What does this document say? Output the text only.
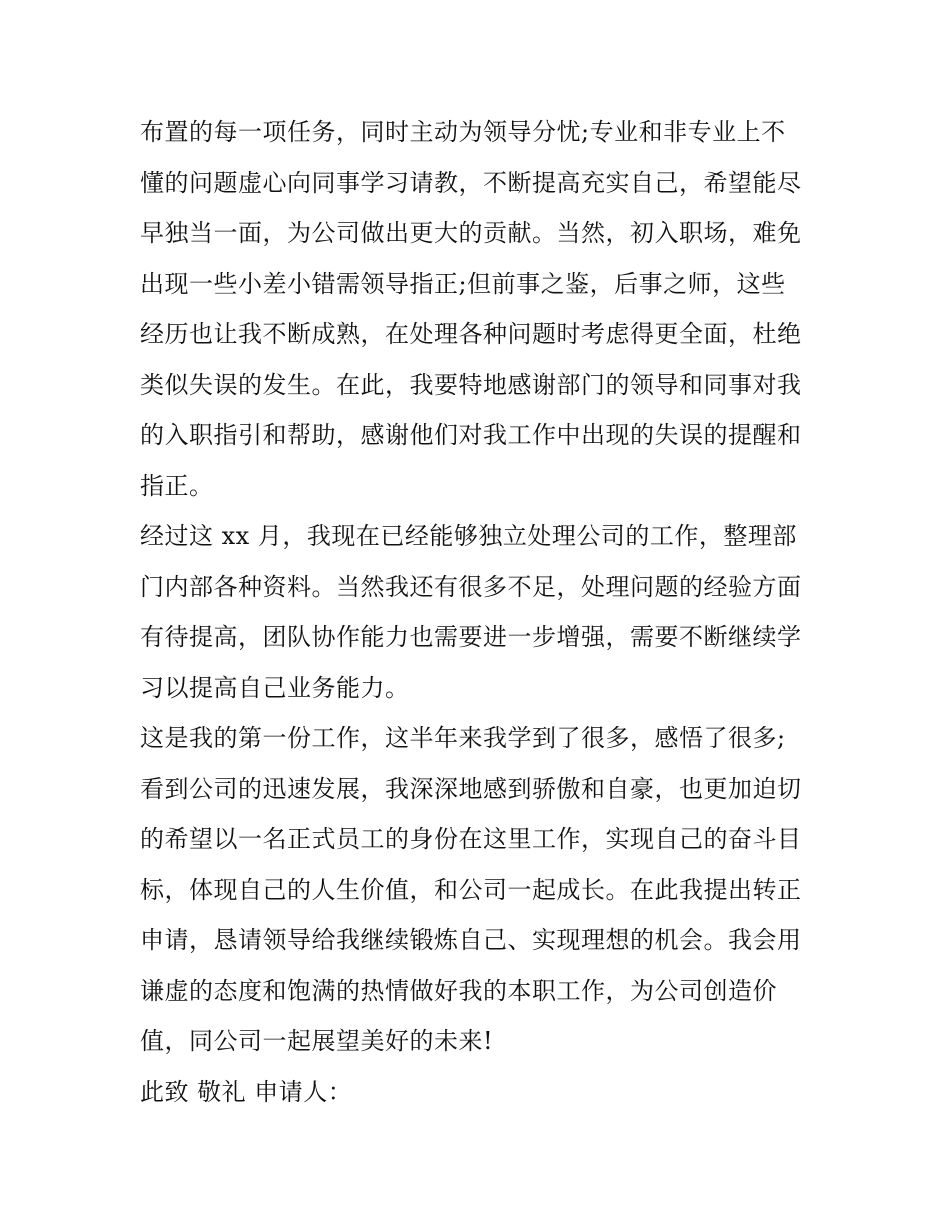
布置的每一项任务，同时主动为领导分忧;专业和非专业上不
懂的问题虚心向同事学习请教，不断提高充实自己，希望能尽
早独当一面，为公司做出更大的贡献。当然，初入职场，难免
出现一些小差小错需领导指正;但前事之鉴，后事之师，这些
经历也让我不断成熟，在处理各种问题时考虑得更全面，杜绝
类似失误的发生。在此，我要特地感谢部门的领导和同事对我
的入职指引和帮助，感谢他们对我工作中出现的失误的提醒和
指正。
经过这 xx 月，我现在已经能够独立处理公司的工作，整理部
门内部各种资料。当然我还有很多不足，处理问题的经验方面
有待提高，团队协作能力也需要进一步增强，需要不断继续学
习以提高自己业务能力。
这是我的第一份工作，这半年来我学到了很多，感悟了很多;
看到公司的迅速发展，我深深地感到骄傲和自豪，也更加迫切
的希望以一名正式员工的身份在这里工作，实现自己的奋斗目
标，体现自己的人生价值，和公司一起成长。在此我提出转正
申请，恳请领导给我继续锻炼自己、实现理想的机会。我会用
谦虚的态度和饱满的热情做好我的本职工作，为公司创造价
值，同公司一起展望美好的未来!
此致 敬礼 申请人：
